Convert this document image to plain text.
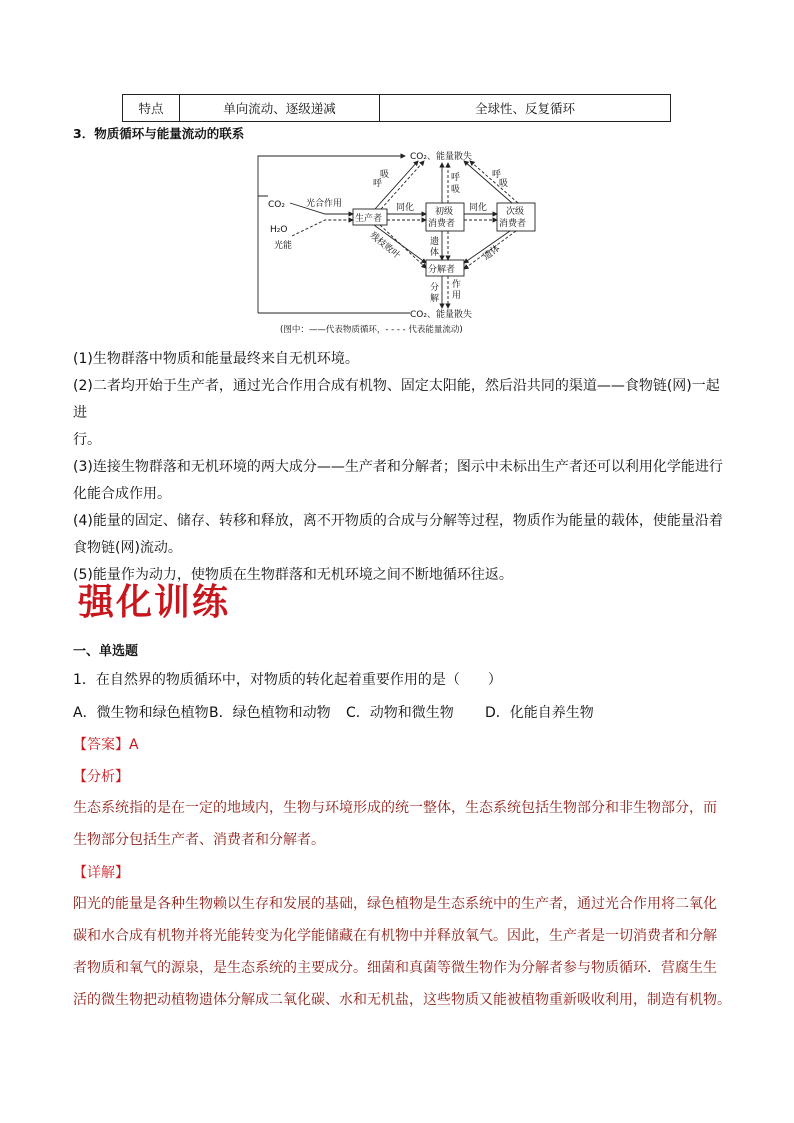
特点	单向流动、逐级递减	全球性、反复循环
3．物质循环与能量流动的联系
CO₂、能量散失
CO₂、能量散失
CO₂
H₂O
光能
光合作用
生产者
初级
消费者
次级
消费者
分解者
同化	同化
呼
吸	呼
吸
呼
吸
遗
体	遗体
残枝败叶
分
解
作
用
(图中：——代表物质循环，- - - - 代表能量流动)
(1)生物群落中物质和能量最终来自无机环境。
(2)二者均开始于生产者，通过光合作用合成有机物、固定太阳能，然后沿共同的渠道——食物链(网)一起进
行。
(3)连接生物群落和无机环境的两大成分——生产者和分解者；图示中未标出生产者还可以利用化学能进行
化能合成作用。
(4)能量的固定、储存、转移和释放，离不开物质的合成与分解等过程，物质作为能量的载体，使能量沿着
食物链(网)流动。
(5)能量作为动力，使物质在生物群落和无机环境之间不断地循环往返。
强化训练
一、单选题
1．在自然界的物质循环中，对物质的转化起着重要作用的是（　　）
A．微生物和绿色植物 B．绿色植物和动物 C．动物和微生物 D．化能自养生物
【答案】A
【分析】
生态系统指的是在一定的地域内，生物与环境形成的统一整体，生态系统包括生物部分和非生物部分，而
生物部分包括生产者、消费者和分解者。
【详解】
阳光的能量是各种生物赖以生存和发展的基础，绿色植物是生态系统中的生产者，通过光合作用将二氧化
碳和水合成有机物并将光能转变为化学能储藏在有机物中并释放氧气。因此，生产者是一切消费者和分解
者物质和氧气的源泉，是生态系统的主要成分。细菌和真菌等微生物作为分解者参与物质循环．营腐生生
活的微生物把动植物遗体分解成二氧化碳、水和无机盐，这些物质又能被植物重新吸收利用，制造有机物。
